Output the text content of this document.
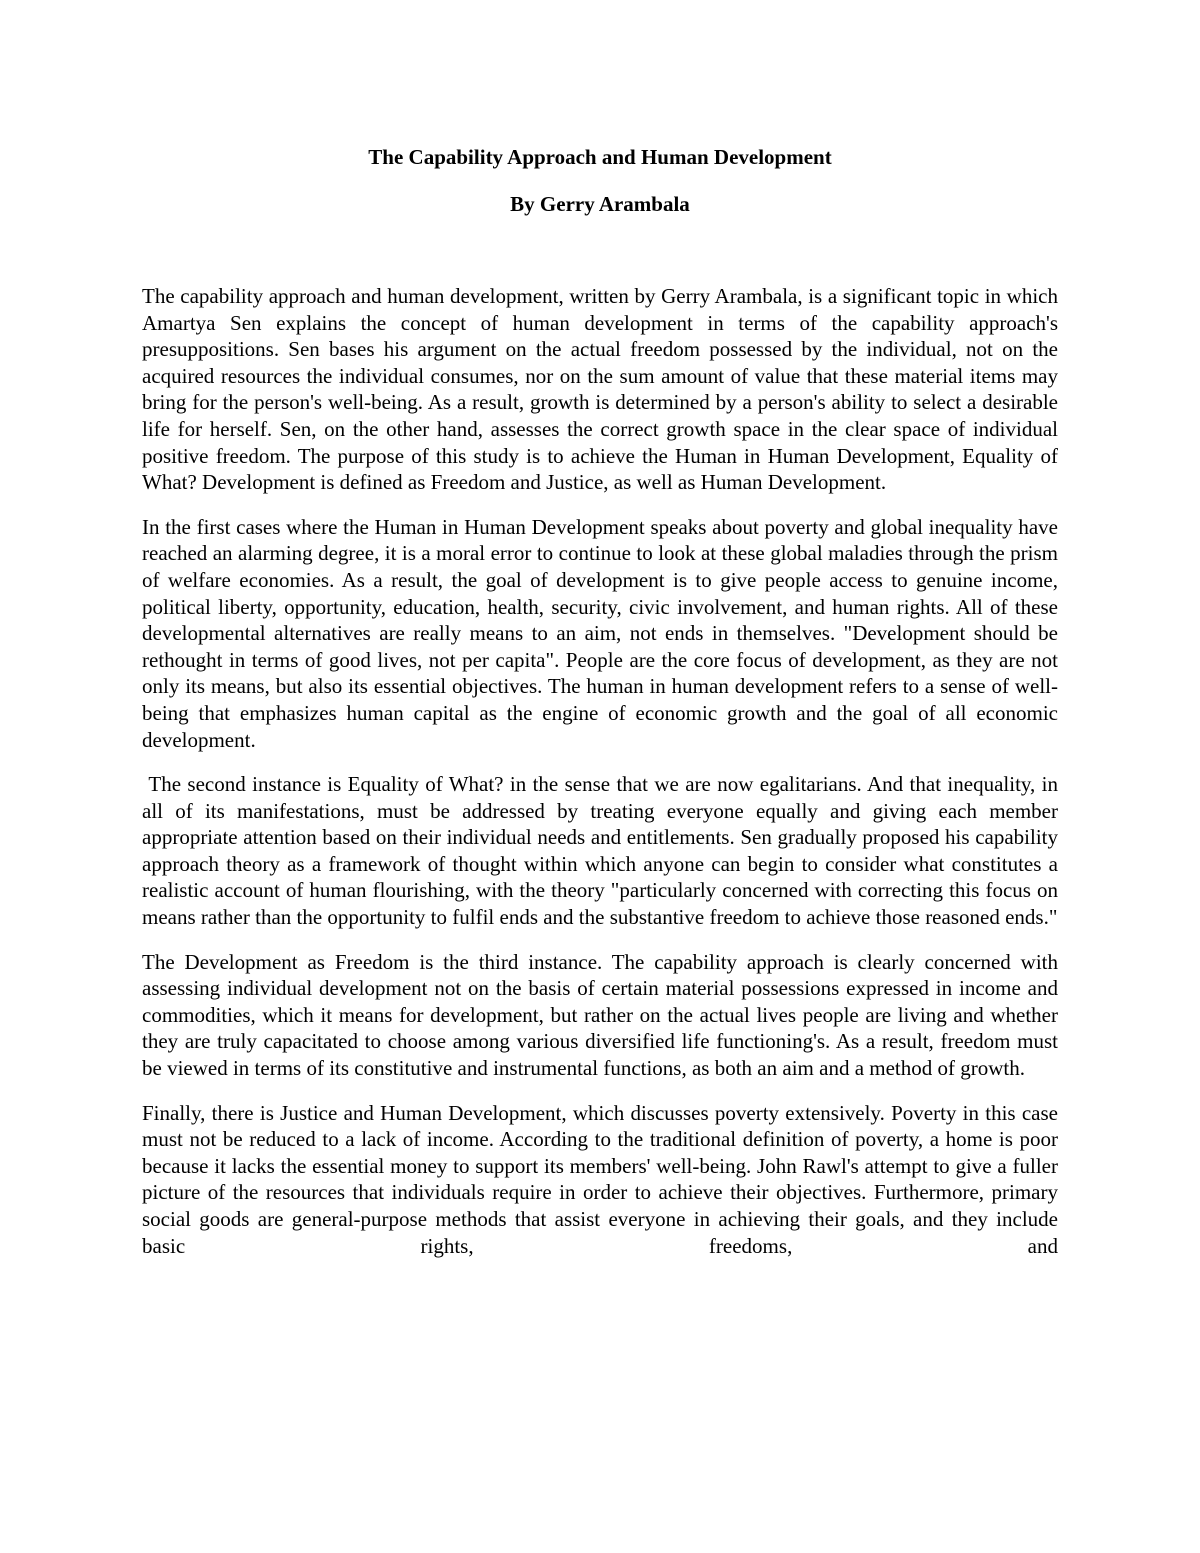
The Capability Approach and Human Development
By Gerry Arambala

The capability approach and human development, written by Gerry Arambala, is a significant topic in which Amartya Sen explains the concept of human development in terms of the capability approach's presuppositions. Sen bases his argument on the actual freedom possessed by the individual, not on the acquired resources the individual consumes, nor on the sum amount of value that these material items may bring for the person's well-being. As a result, growth is determined by a person's ability to select a desirable life for herself. Sen, on the other hand, assesses the correct growth space in the clear space of individual positive freedom. The purpose of this study is to achieve the Human in Human Development, Equality of What? Development is defined as Freedom and Justice, as well as Human Development.

In the first cases where the Human in Human Development speaks about poverty and global inequality have reached an alarming degree, it is a moral error to continue to look at these global maladies through the prism of welfare economies. As a result, the goal of development is to give people access to genuine income, political liberty, opportunity, education, health, security, civic involvement, and human rights. All of these developmental alternatives are really means to an aim, not ends in themselves. "Development should be rethought in terms of good lives, not per capita". People are the core focus of development, as they are not only its means, but also its essential objectives. The human in human development refers to a sense of well-being that emphasizes human capital as the engine of economic growth and the goal of all economic development.

The second instance is Equality of What? in the sense that we are now egalitarians. And that inequality, in all of its manifestations, must be addressed by treating everyone equally and giving each member appropriate attention based on their individual needs and entitlements. Sen gradually proposed his capability approach theory as a framework of thought within which anyone can begin to consider what constitutes a realistic account of human flourishing, with the theory "particularly concerned with correcting this focus on means rather than the opportunity to fulfil ends and the substantive freedom to achieve those reasoned ends."

The Development as Freedom is the third instance. The capability approach is clearly concerned with assessing individual development not on the basis of certain material possessions expressed in income and commodities, which it means for development, but rather on the actual lives people are living and whether they are truly capacitated to choose among various diversified life functioning's. As a result, freedom must be viewed in terms of its constitutive and instrumental functions, as both an aim and a method of growth.

Finally, there is Justice and Human Development, which discusses poverty extensively. Poverty in this case must not be reduced to a lack of income. According to the traditional definition of poverty, a home is poor because it lacks the essential money to support its members' well-being. John Rawl's attempt to give a fuller picture of the resources that individuals require in order to achieve their objectives. Furthermore, primary social goods are general-purpose methods that assist everyone in achieving their goals, and they include basic rights, freedoms, and
